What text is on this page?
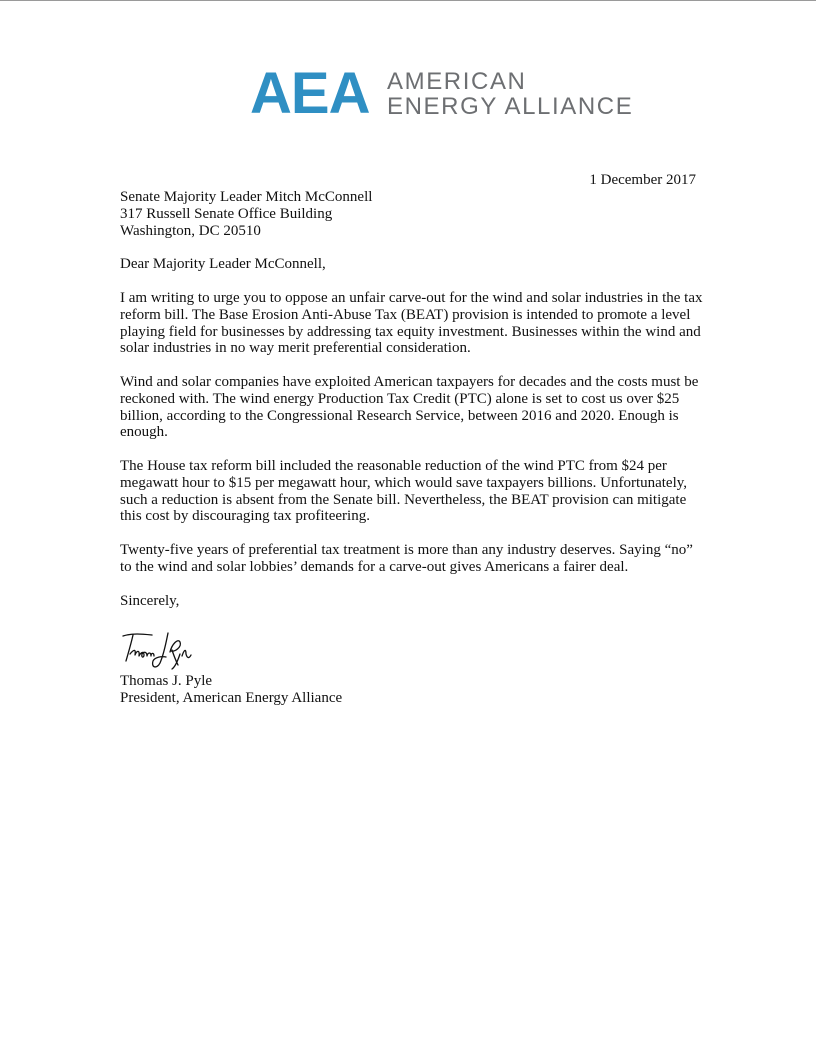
AEA AMERICAN
ENERGY ALLIANCE
1 December 2017
Senate Majority Leader Mitch McConnell
317 Russell Senate Office Building
Washington, DC 20510
Dear Majority Leader McConnell,
I am writing to urge you to oppose an unfair carve-out for the wind and solar industries in the tax
reform bill. The Base Erosion Anti-Abuse Tax (BEAT) provision is intended to promote a level
playing field for businesses by addressing tax equity investment. Businesses within the wind and
solar industries in no way merit preferential consideration.
Wind and solar companies have exploited American taxpayers for decades and the costs must be
reckoned with. The wind energy Production Tax Credit (PTC) alone is set to cost us over $25
billion, according to the Congressional Research Service, between 2016 and 2020. Enough is
enough.
The House tax reform bill included the reasonable reduction of the wind PTC from $24 per
megawatt hour to $15 per megawatt hour, which would save taxpayers billions. Unfortunately,
such a reduction is absent from the Senate bill. Nevertheless, the BEAT provision can mitigate
this cost by discouraging tax profiteering.
Twenty-five years of preferential tax treatment is more than any industry deserves. Saying “no”
to the wind and solar lobbies’ demands for a carve-out gives Americans a fairer deal.
Sincerely,
Thomas J. Pyle
President, American Energy Alliance
